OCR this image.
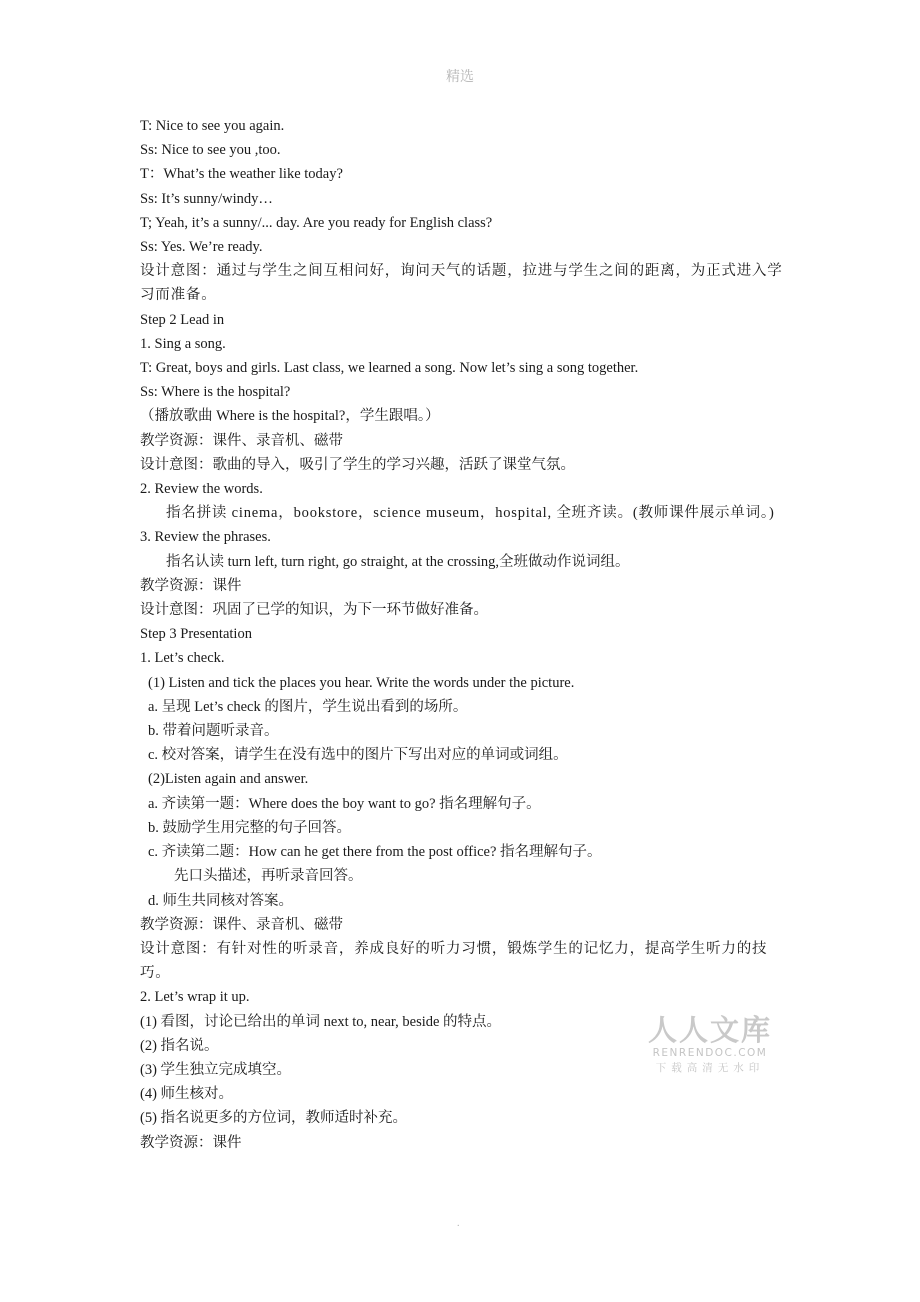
精选
T: Nice to see you again.
Ss: Nice to see you ,too.
T：What’s the weather like today?
Ss: It’s sunny/windy…
T; Yeah, it’s a sunny/... day. Are you ready for English class?
Ss: Yes. We’re ready.
设计意图：通过与学生之间互相问好，询问天气的话题，拉进与学生之间的距离，为正式进入学习而准备。
Step 2 Lead in
1. Sing a song.
T: Great, boys and girls. Last class, we learned a song. Now let’s sing a song together.
Ss: Where is the hospital?
（播放歌曲 Where is the hospital?，学生跟唱。）
教学资源：课件、录音机、磁带
设计意图：歌曲的导入，吸引了学生的学习兴趣，活跃了课堂气氛。
2. Review the words.
指名拼读 cinema，bookstore，science museum，hospital, 全班齐读。(教师课件展示单词。)
3. Review the phrases.
指名认读 turn left, turn right, go straight, at the crossing,全班做动作说词组。
教学资源：课件
设计意图：巩固了已学的知识，为下一环节做好准备。
Step 3 Presentation
1. Let’s check.
(1) Listen and tick the places you hear. Write the words under the picture.
a. 呈现 Let’s check 的图片，学生说出看到的场所。
b. 带着问题听录音。
c. 校对答案，请学生在没有选中的图片下写出对应的单词或词组。
(2)Listen again and answer.
a. 齐读第一题：Where does the boy want to go? 指名理解句子。
b. 鼓励学生用完整的句子回答。
c. 齐读第二题：How can he get there from the post office? 指名理解句子。
先口头描述，再听录音回答。
d. 师生共同核对答案。
教学资源：课件、录音机、磁带
设计意图：有针对性的听录音，养成良好的听力习惯，锻炼学生的记忆力，提高学生听力的技巧。
2. Let’s wrap it up.
(1) 看图，讨论已给出的单词 next to, near, beside 的特点。
(2) 指名说。
(3) 学生独立完成填空。
(4) 师生核对。
(5) 指名说更多的方位词，教师适时补充。
教学资源：课件
人人文库
RENRENDOC.COM
下载高清无水印
.
